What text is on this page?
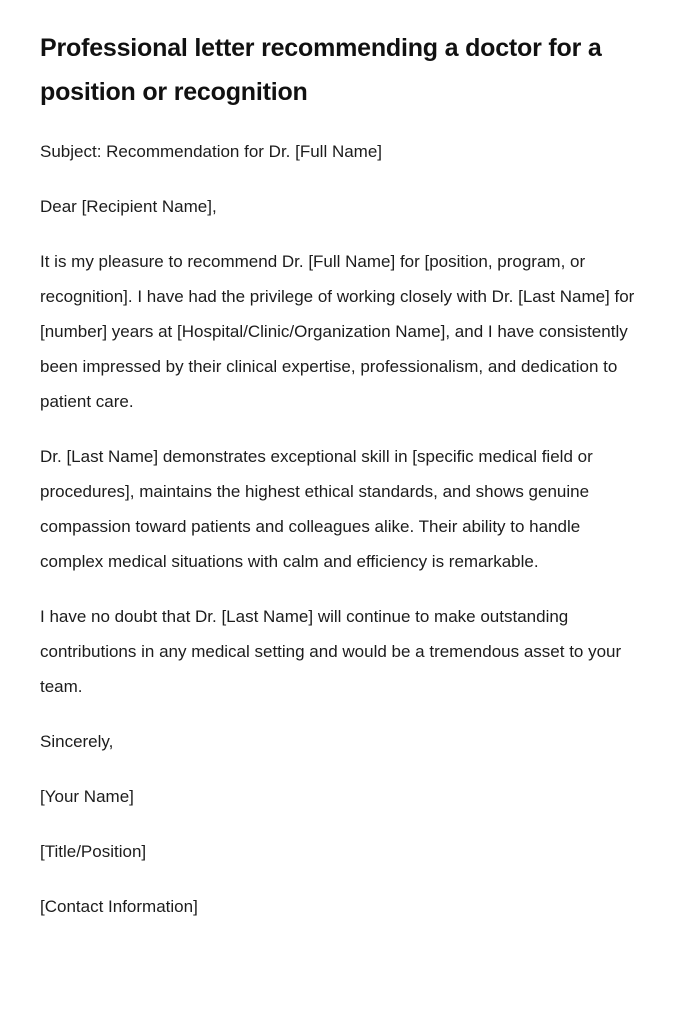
Professional letter recommending a doctor for a position or recognition

Subject: Recommendation for Dr. [Full Name]

Dear [Recipient Name],

It is my pleasure to recommend Dr. [Full Name] for [position, program, or recognition]. I have had the privilege of working closely with Dr. [Last Name] for [number] years at [Hospital/Clinic/Organization Name], and I have consistently been impressed by their clinical expertise, professionalism, and dedication to patient care.

Dr. [Last Name] demonstrates exceptional skill in [specific medical field or procedures], maintains the highest ethical standards, and shows genuine compassion toward patients and colleagues alike. Their ability to handle complex medical situations with calm and efficiency is remarkable.

I have no doubt that Dr. [Last Name] will continue to make outstanding contributions in any medical setting and would be a tremendous asset to your team.

Sincerely,

[Your Name]

[Title/Position]

[Contact Information]
